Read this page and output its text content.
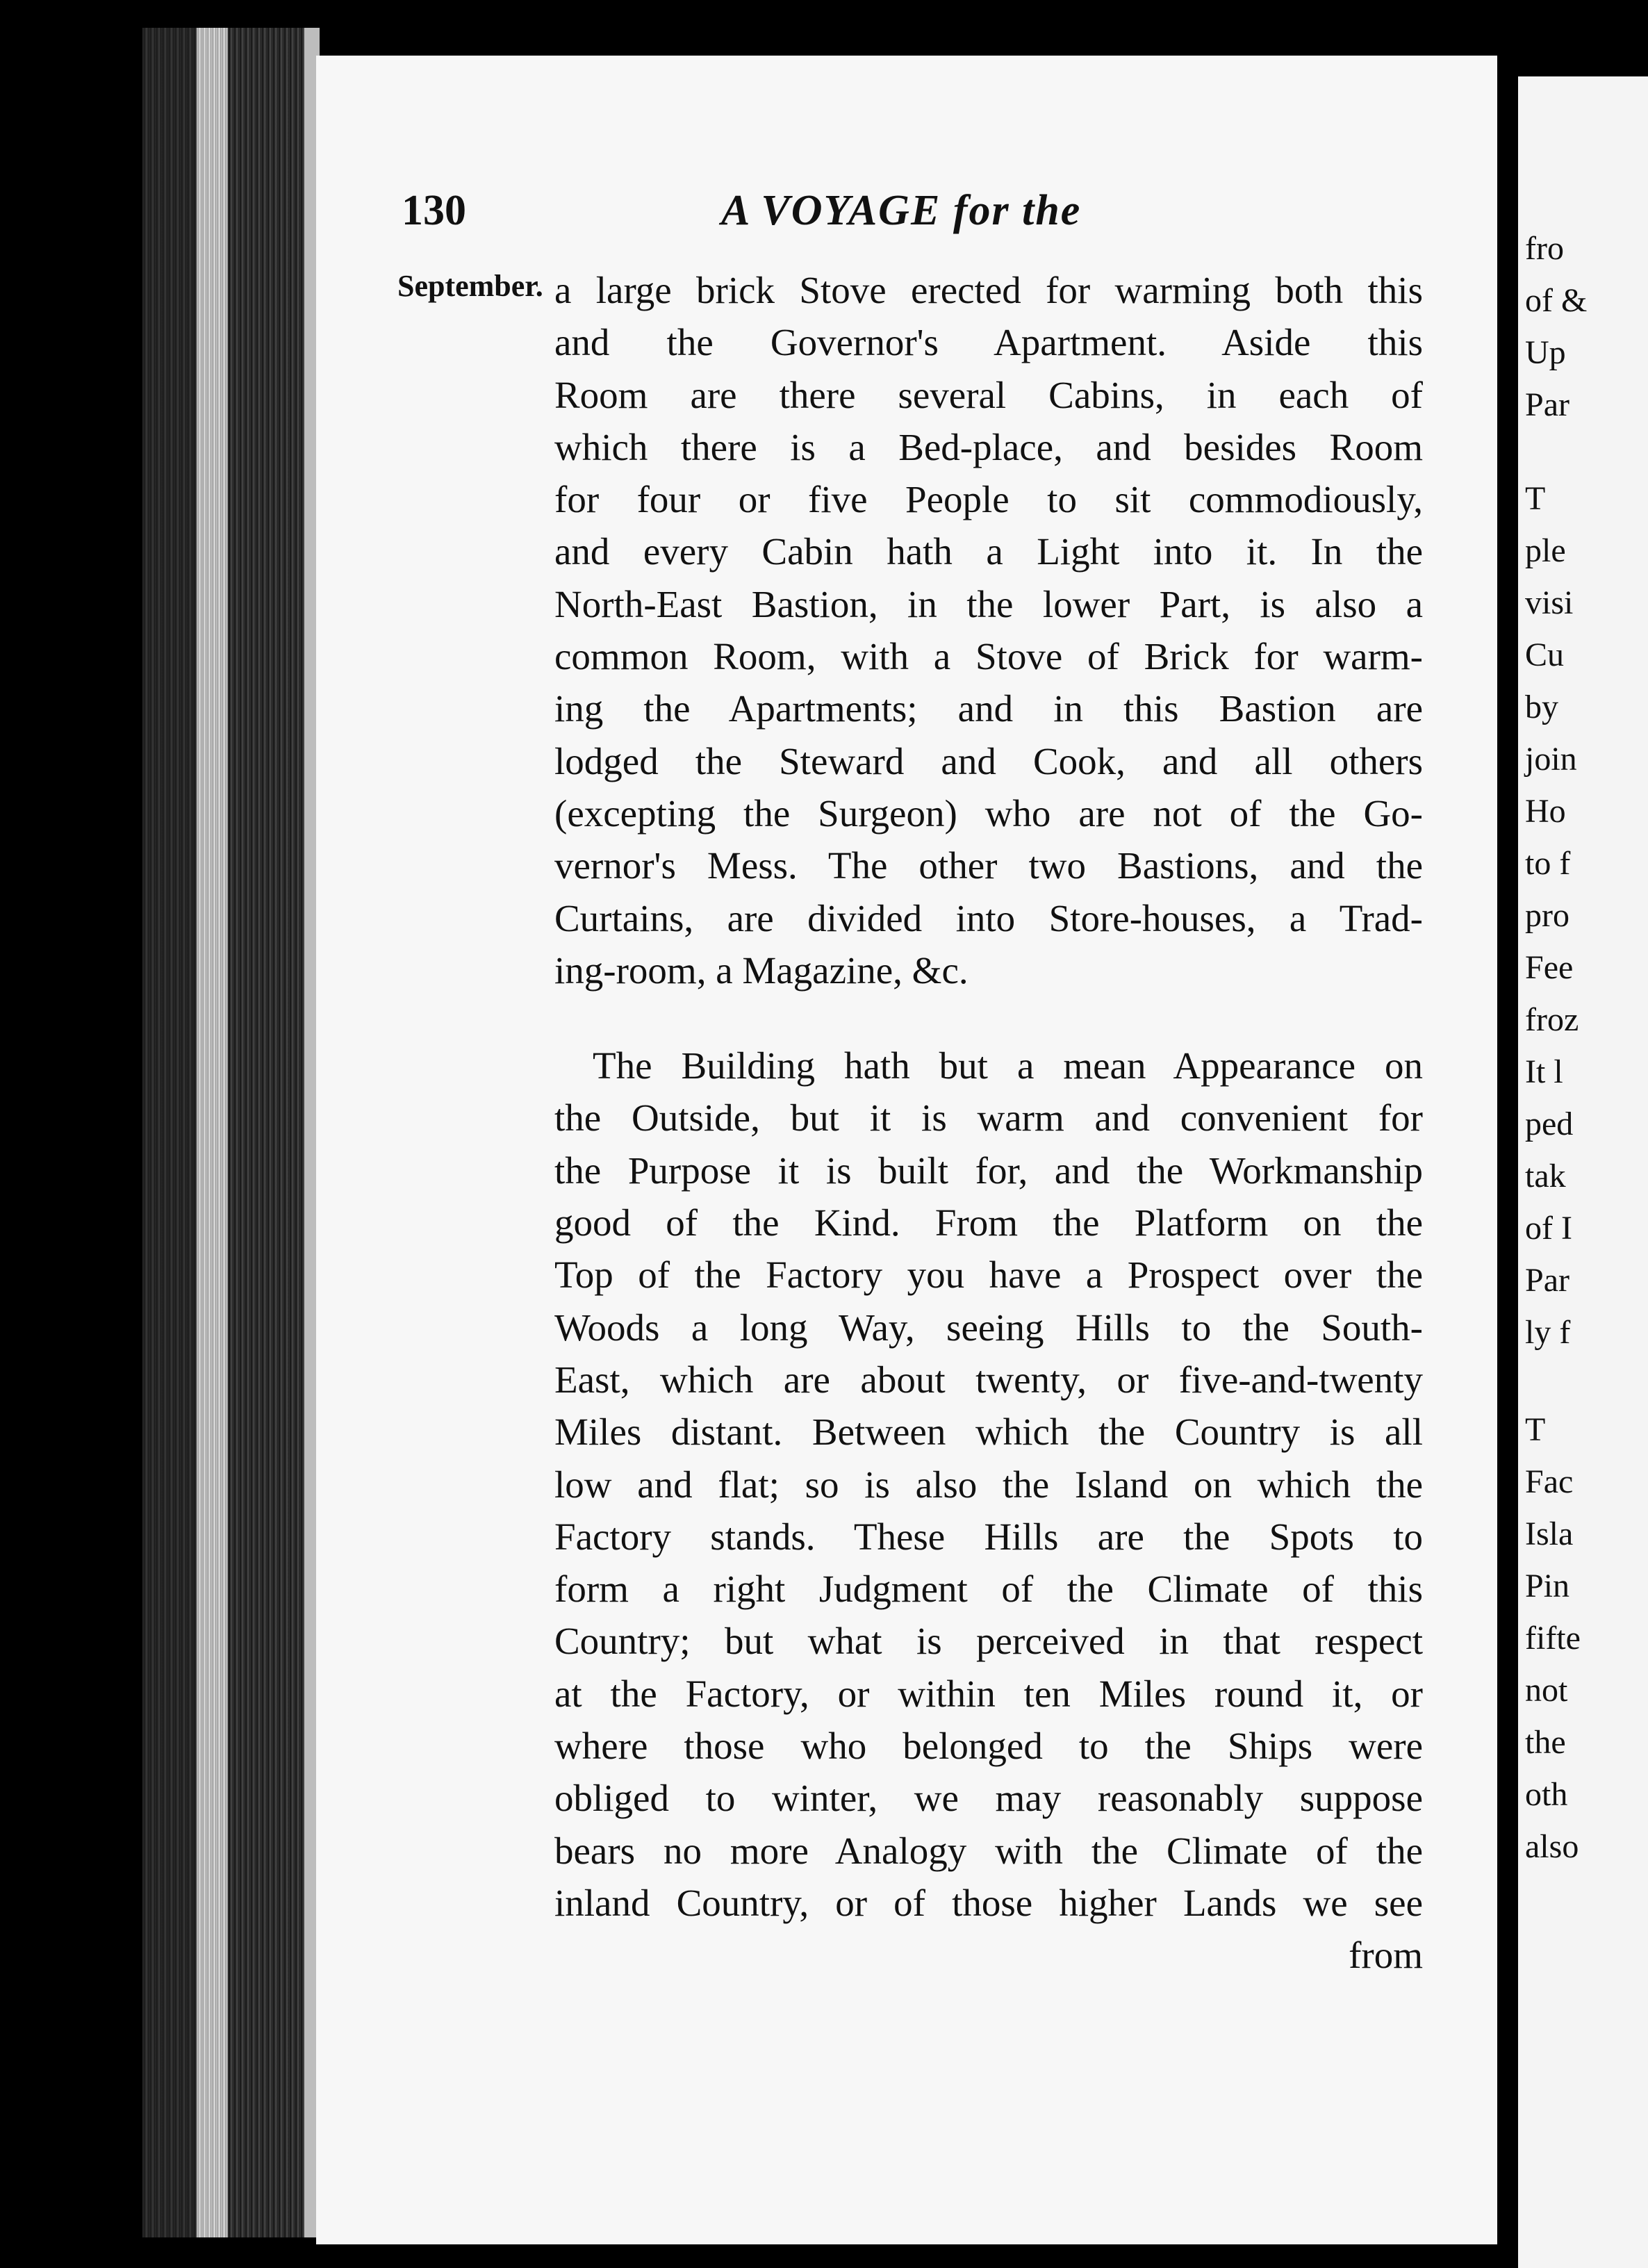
fro
of &
Up
Par
T
ple
visi
Cu
by
join
Ho
to f
pro
Fee
froz
It l
ped
tak
of I
Par
ly f
T
Fac
Isla
Pin
fifte
not
the
oth
also
130	A VOYAGE for the
September. a large brick Stove erected for warming both this
and the Governor's Apartment. Aside this
Room are there several Cabins, in each of
which there is a Bed-place, and besides Room
for four or five People to sit commodiously,
and every Cabin hath a Light into it. In the
North-East Bastion, in the lower Part, is also a
common Room, with a Stove of Brick for warm-
ing the Apartments; and in this Bastion are
lodged the Steward and Cook, and all others
(excepting the Surgeon) who are not of the Go-
vernor's Mess. The other two Bastions, and the
Curtains, are divided into Store-houses, a Trad-
ing-room, a Magazine, &c.
The Building hath but a mean Appearance on
the Outside, but it is warm and convenient for
the Purpose it is built for, and the Workmanship
good of the Kind. From the Platform on the
Top of the Factory you have a Prospect over the
Woods a long Way, seeing Hills to the South-
East, which are about twenty, or five-and-twenty
Miles distant. Between which the Country is all
low and flat; so is also the Island on which the
Factory stands. These Hills are the Spots to
form a right Judgment of the Climate of this
Country; but what is perceived in that respect
at the Factory, or within ten Miles round it, or
where those who belonged to the Ships were
obliged to winter, we may reasonably suppose
bears no more Analogy with the Climate of the
inland Country, or of those higher Lands we see
from
